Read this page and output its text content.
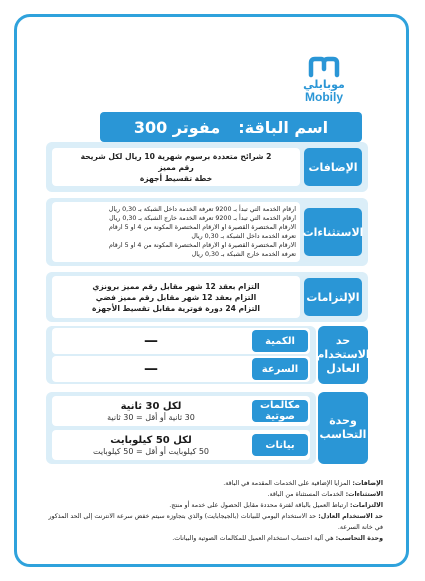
موبايلي
Mobily
اسم الباقة:
مفوتر 300
الإضافات
2 شرائح متعددة برسوم شهرية 10 ريال لكل شريحة
رقم مميز
خطة تقسيط أجهزة
الاستثناءات
ارقام الخدمة التي تبدأ بـ 9200 تعرفة الخدمة داخل الشبكة بـ 0,30 ريال
ارقام الخدمة التي تبدأ بـ 9200 تعرفة الخدمة خارج الشبكة بـ 0,30 ريال
الارقام المختصرة القصيرة او الارقام المختصرة المكونة من 4 او 5 ارقام
تعرفة الخدمة داخل الشبكة بـ 0,30 ريال
الارقام المختصرة القصيرة او الارقام المختصرة المكونة من 4 او 5 ارقام
تعرفة الخدمة خارج الشبكة بـ 0,30 ريال
الإلتزامات
التزام بعقد 12 شهر مقابل رقم مميز برونزي
التزام بعقد 12 شهر مقابل رقم مميز فضي
التزام 24 دورة فوترية مقابل تقسيط الأجهزة
حد الاستخدام العادل
الكمية
—
السرعة
—
وحدة التحاسب
مكالمات صوتية
لكل 30 ثانية
30 ثانية أو أقل = 30 ثانية
بيانات
لكل 50 كيلوبايت
50 كيلوبايت أو أقل = 50 كيلوبايت
الإضافات: المزايا الإضافية على الخدمات المقدمة في الباقة.
الاستثناءات: الخدمات المستثناة من الباقة.
الالتزامات: ارتباط العميل بالباقة لفترة محددة مقابل الحصول على خدمة أو منتج.
حد الاستخدام العادل: حد الاستخدام اليومي للبيانات (بالجيجابايت) والذي بتجاوزه سيتم خفض سرعة الانترنت إلى الحد المذكور في خانة السرعة.
وحدة التحاسب: هي آلية احتساب استخدام العميل للمكالمات الصوتية والبيانات.
